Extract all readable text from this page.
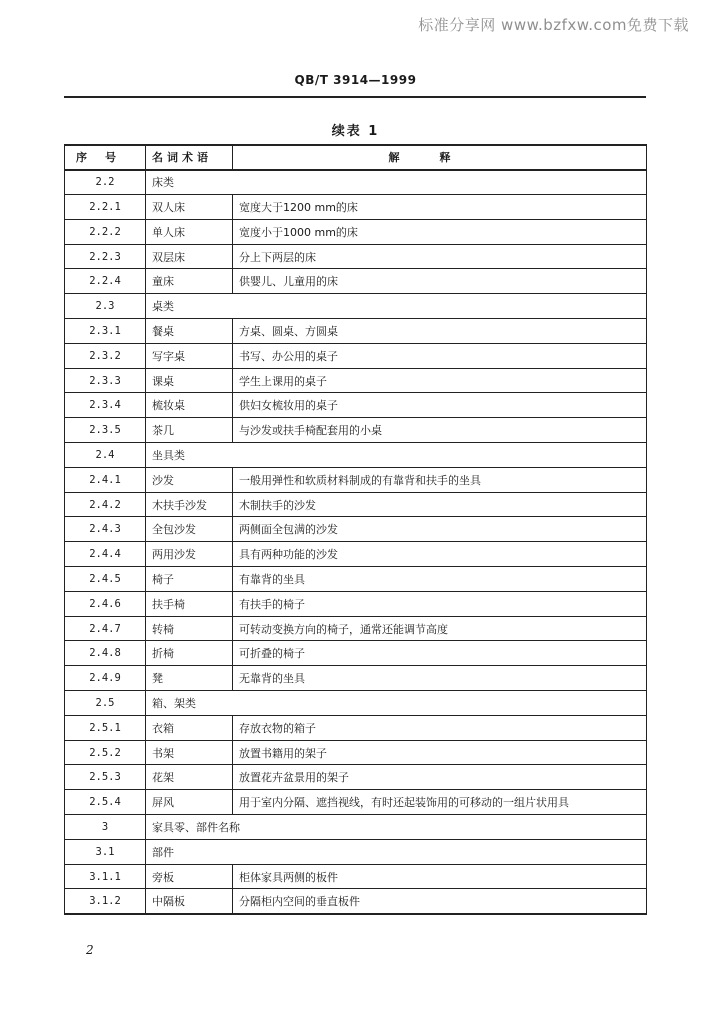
标准分享网 www.bzfxw.com免费下载
QB/T 3914—1999
续表 1
序号	名词术语	解释
2.2	床类	
2.2.1	双人床	宽度大于1200 mm的床
2.2.2	单人床	宽度小于1000 mm的床
2.2.3	双层床	分上下两层的床
2.2.4	童床	供婴儿、儿童用的床
2.3	桌类	
2.3.1	餐桌	方桌、圆桌、方圆桌
2.3.2	写字桌	书写、办公用的桌子
2.3.3	课桌	学生上课用的桌子
2.3.4	梳妆桌	供妇女梳妆用的桌子
2.3.5	茶几	与沙发或扶手椅配套用的小桌
2.4	坐具类	
2.4.1	沙发	一般用弹性和软质材料制成的有靠背和扶手的坐具
2.4.2	木扶手沙发	木制扶手的沙发
2.4.3	全包沙发	两侧面全包满的沙发
2.4.4	两用沙发	具有两种功能的沙发
2.4.5	椅子	有靠背的坐具
2.4.6	扶手椅	有扶手的椅子
2.4.7	转椅	可转动变换方向的椅子，通常还能调节高度
2.4.8	折椅	可折叠的椅子
2.4.9	凳	无靠背的坐具
2.5	箱、架类	
2.5.1	衣箱	存放衣物的箱子
2.5.2	书架	放置书籍用的架子
2.5.3	花架	放置花卉盆景用的架子
2.5.4	屏风	用于室内分隔、遮挡视线，有时还起装饰用的可移动的一组片状用具
3	家具零、部件名称	
3.1	部件	
3.1.1	旁板	柜体家具两侧的板件
3.1.2	中隔板	分隔柜内空间的垂直板件
2
